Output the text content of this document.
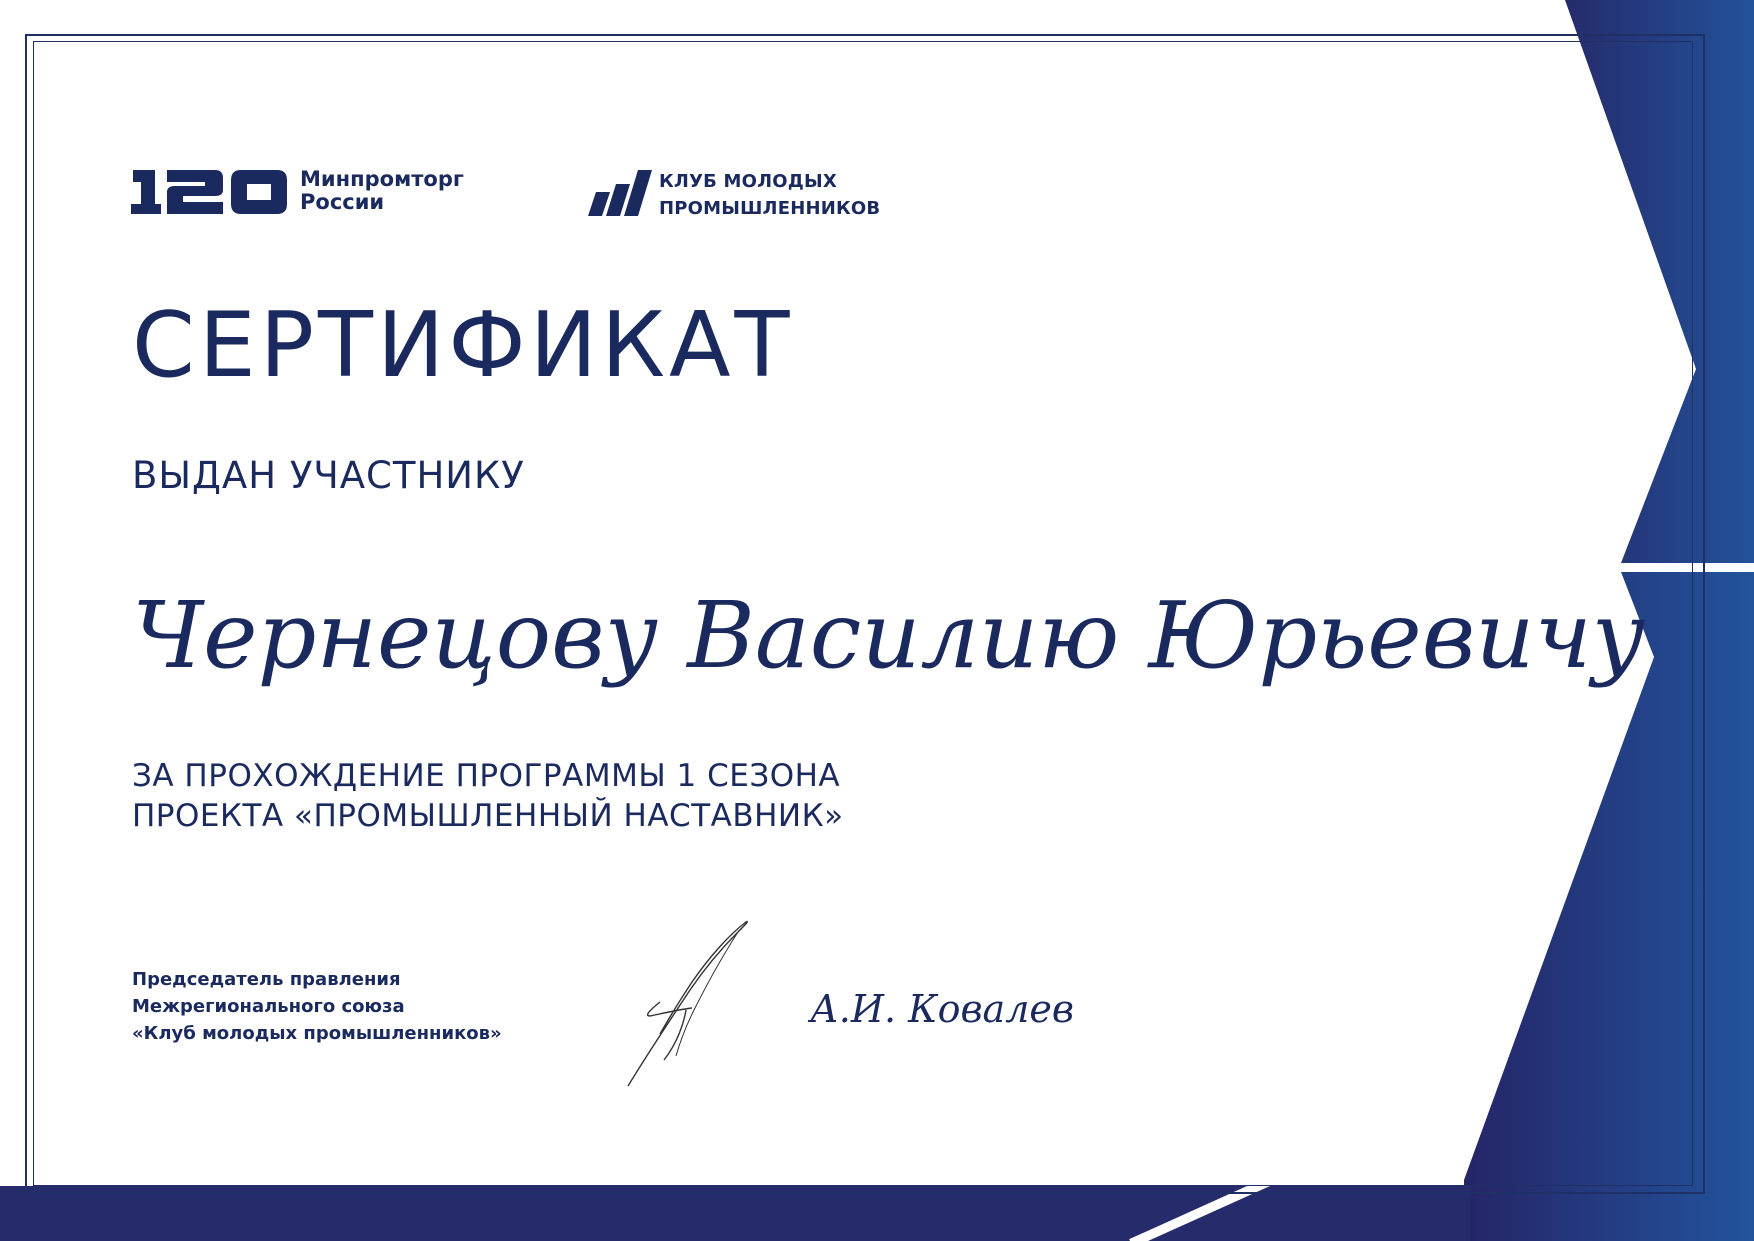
Минпромторг
России
КЛУБ МОЛОДЫХ
ПРОМЫШЛЕННИКОВ
СЕРТИФИКАТ
ВЫДАН УЧАСТНИКУ
Чернецову Василию Юрьевичу
ЗА ПРОХОЖДЕНИЕ ПРОГРАММЫ 1 СЕЗОНА
ПРОЕКТА «ПРОМЫШЛЕННЫЙ НАСТАВНИК»
Председатель правления
Межрегионального союза
«Клуб молодых промышленников»
А.И. Ковалев
